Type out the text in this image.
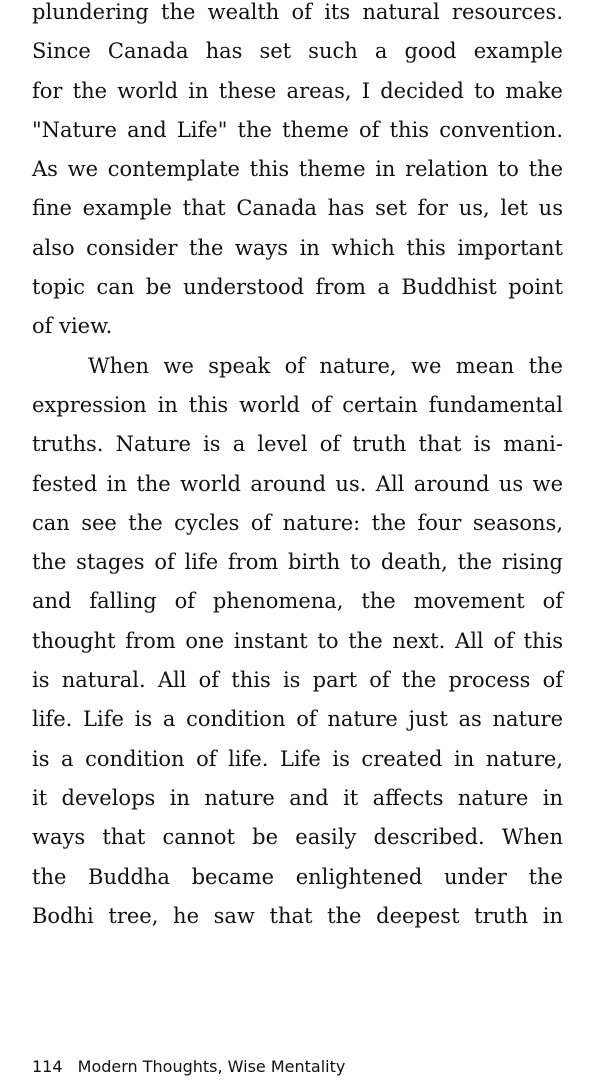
plundering the wealth of its natural resources.
Since Canada has set such a good example
for the world in these areas, I decided to make
"Nature and Life" the theme of this convention.
As we contemplate this theme in relation to the
fine example that Canada has set for us, let us
also consider the ways in which this important
topic can be understood from a Buddhist point
of view.
When we speak of nature, we mean the
expression in this world of certain fundamental
truths. Nature is a level of truth that is mani-
fested in the world around us. All around us we
can see the cycles of nature: the four seasons,
the stages of life from birth to death, the rising
and falling of phenomena, the movement of
thought from one instant to the next. All of this
is natural. All of this is part of the process of
life. Life is a condition of nature just as nature
is a condition of life. Life is created in nature,
it develops in nature and it affects nature in
ways that cannot be easily described. When
the Buddha became enlightened under the
Bodhi tree, he saw that the deepest truth in
114 Modern Thoughts, Wise Mentality
